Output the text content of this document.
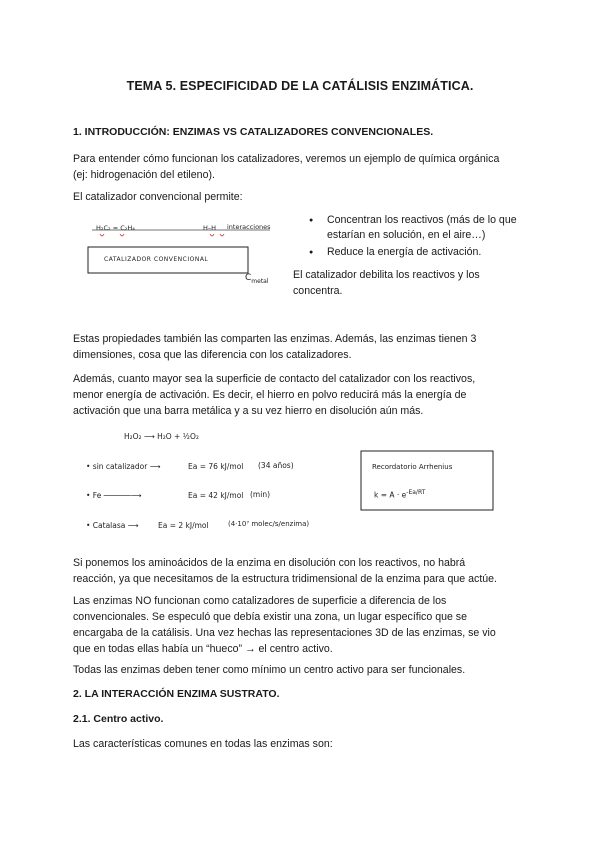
TEMA 5. ESPECIFICIDAD DE LA CATÁLISIS ENZIMÁTICA.
1. INTRODUCCIÓN: ENZIMAS VS CATALIZADORES CONVENCIONALES.
Para entender cómo funcionan los catalizadores, veremos un ejemplo de química orgánica
(ej: hidrogenación del etileno).
El catalizador convencional permite:
H₂C₂ = C₂H₄	H–H interacciones
CATALIZADOR CONVENCIONAL
$C_{metal}$
● Concentran los reactivos (más de lo que estarían en solución, en el aire…)
● Reduce la energía de activación.
El catalizador debilita los reactivos y los
concentra.
Estas propiedades también las comparten las enzimas. Además, las enzimas tienen 3
dimensiones, cosa que las diferencia con los catalizadores.
Además, cuanto mayor sea la superficie de contacto del catalizador con los reactivos,
menor energía de activación. Es decir, el hierro en polvo reducirá más la energía de
activación que una barra metálica y a su vez hierro en disolución aún más.
H₂O₂ ⟶ H₂O + ½O₂
• sin catalizador ⟶	Ea = 76 kJ/mol (34 años)
• Fe ──────⟶	Ea = 42 kJ/mol (min)
• Catalasa ⟶	Ea = 2 kJ/mol	(4·10⁷ molec/s/enzima)
Recordatorio Arrhenius
$k = A \cdot e^{-Ea/RT}$
Si ponemos los aminoácidos de la enzima en disolución con los reactivos, no habrá
reacción, ya que necesitamos de la estructura tridimensional de la enzima para que actúe.
Las enzimas NO funcionan como catalizadores de superficie a diferencia de los
convencionales. Se especuló que debía existir una zona, un lugar específico que se
encargaba de la catálisis. Una vez hechas las representaciones 3D de las enzimas, se vio
que en todas ellas había un “hueco” → el centro activo.
Todas las enzimas deben tener como mínimo un centro activo para ser funcionales.
2. LA INTERACCIÓN ENZIMA SUSTRATO.
2.1. Centro activo.
Las características comunes en todas las enzimas son:
